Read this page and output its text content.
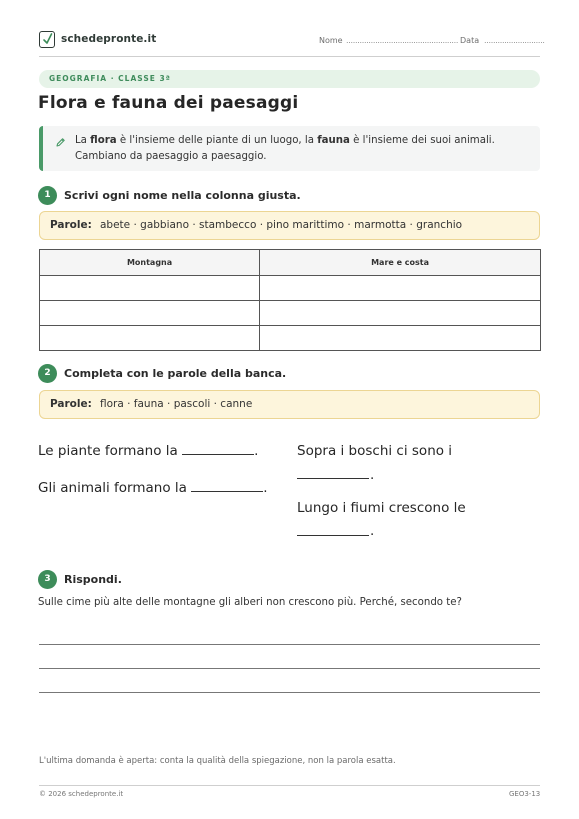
schedepronte.it	Nome .................................................. Data ...........................
GEOGRAFIA · CLASSE 3ª
Flora e fauna dei paesaggi
La flora è l'insieme delle piante di un luogo, la fauna è l'insieme dei suoi animali. Cambiano da paesaggio a paesaggio.
1	Scrivi ogni nome nella colonna giusta.
Parole: abete · gabbiano · stambecco · pino marittimo · marmotta · granchio
Montagna	Mare e costa

2	Completa con le parole della banca.
Parole: flora · fauna · pascoli · canne
Le piante formano la	.
Gli animali formano la	.
Sopra i boschi ci sono i
.
Lungo i fiumi crescono le
.
3	Rispondi.
Sulle cime più alte delle montagne gli alberi non crescono più. Perché, secondo te?
L'ultima domanda è aperta: conta la qualità della spiegazione, non la parola esatta.
© 2026 schedepronte.it	GEO3-13
